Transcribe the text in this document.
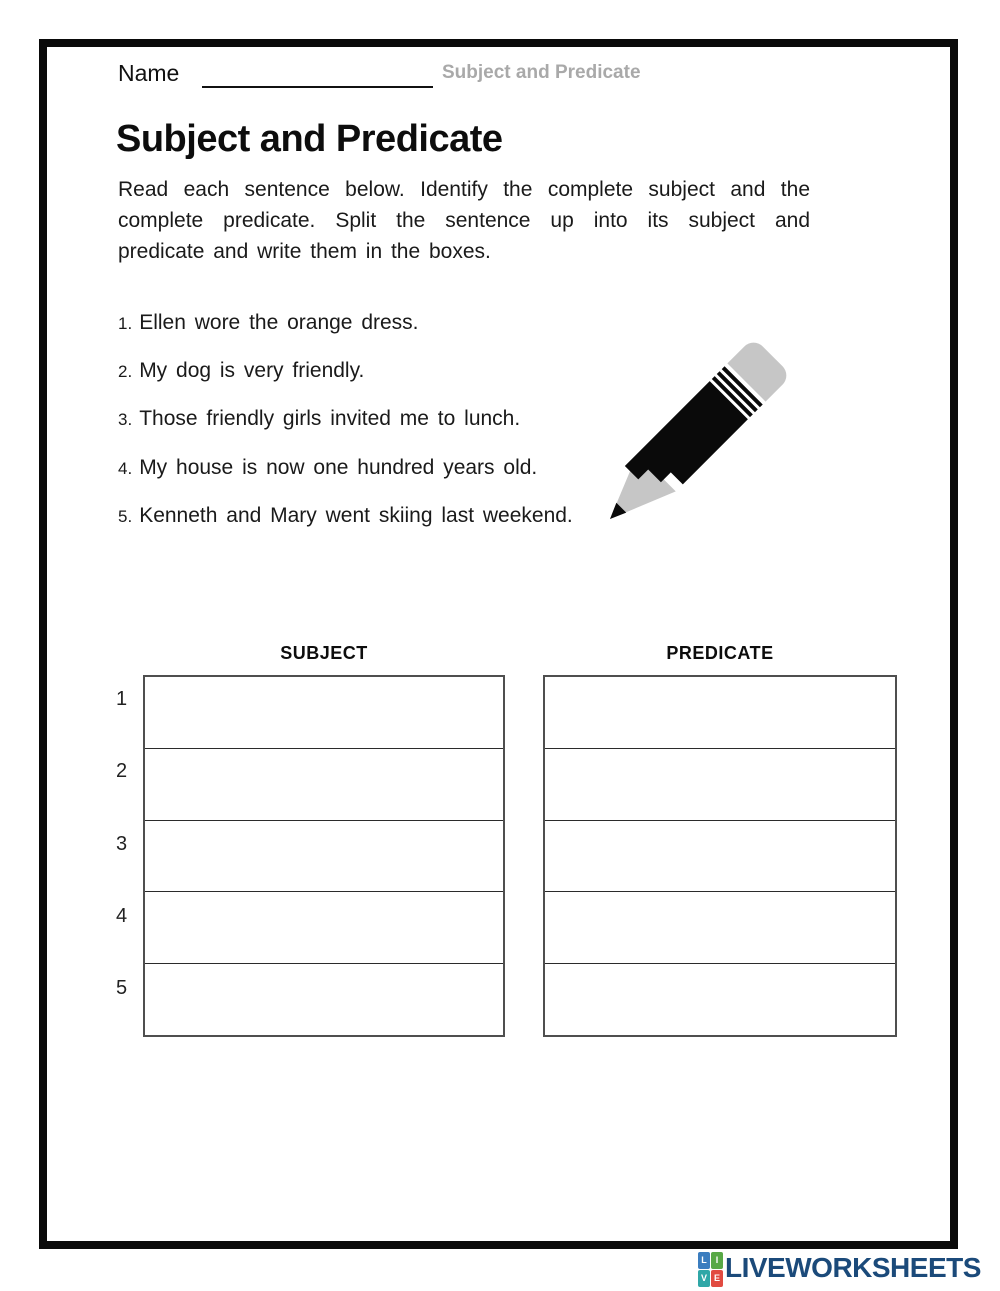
Name	Subject and Predicate
Subject and Predicate
Read each sentence below. Identify the complete subject and the
complete predicate. Split the sentence up into its subject and
predicate and write them in the boxes.
1. Ellen wore the orange dress.
2. My dog is very friendly.
3. Those friendly girls invited me to lunch.
4. My house is now one hundred years old.
5. Kenneth and Mary went skiing last weekend.
SUBJECT	PREDICATE
1
2
3
4
5
L I
V E LIVEWORKSHEETS
